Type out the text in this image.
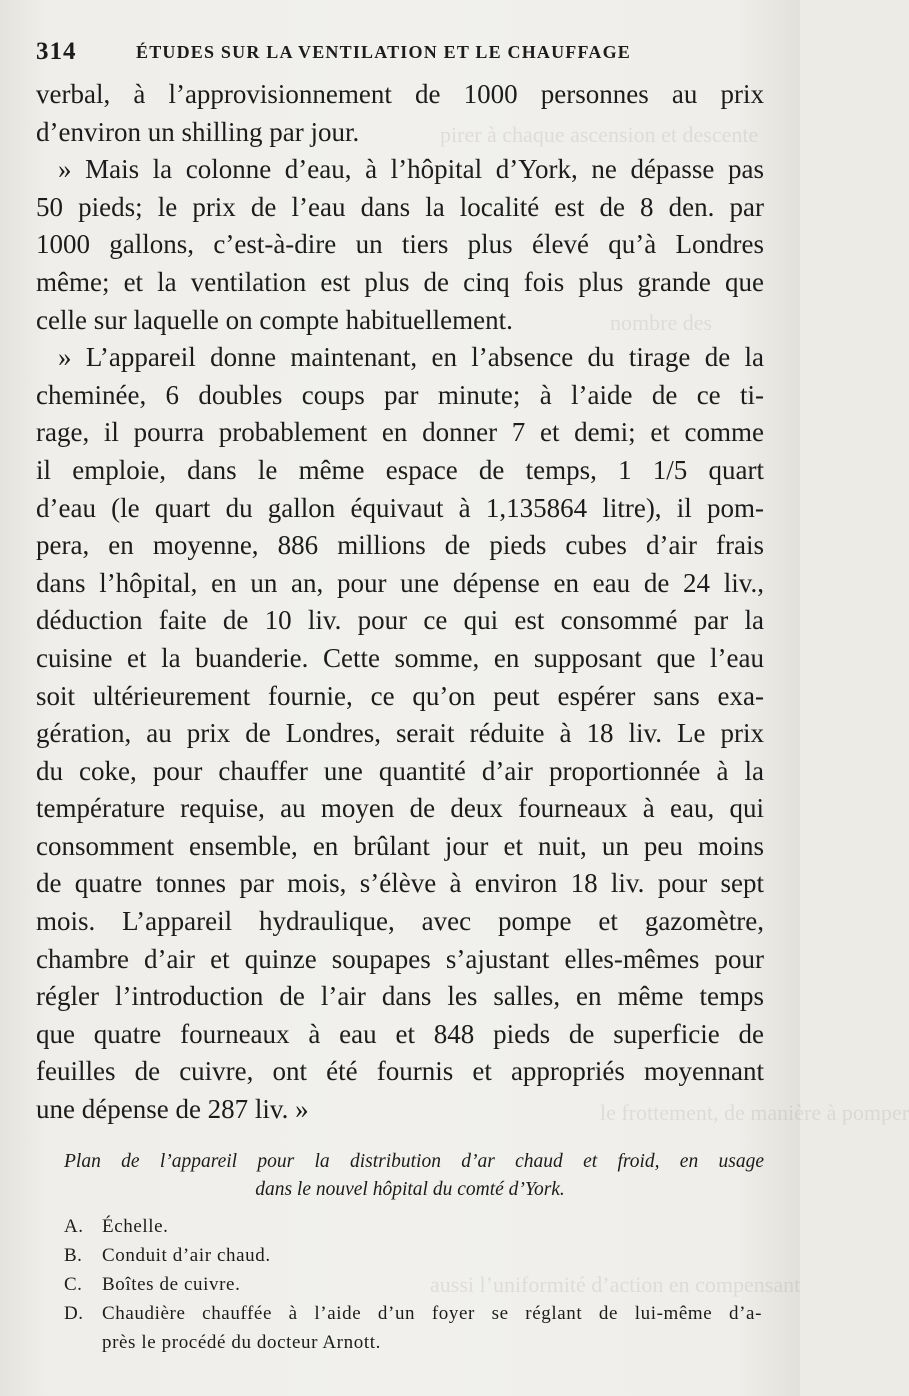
pirer à chaque ascension et descente
nombre des
le frottement, de manière à pomper
aussi l’uniformité d’action en compensant
314	ÉTUDES SUR LA VENTILATION ET LE CHAUFFAGE
verbal, à l’approvisionnement de 1000 personnes au prix
d’environ un shilling par jour.
» Mais la colonne d’eau, à l’hôpital d’York, ne dépasse pas
50 pieds; le prix de l’eau dans la localité est de 8 den. par
1000 gallons, c’est-à-dire un tiers plus élevé qu’à Londres
même; et la ventilation est plus de cinq fois plus grande que
celle sur laquelle on compte habituellement.
» L’appareil donne maintenant, en l’absence du tirage de la
cheminée, 6 doubles coups par minute; à l’aide de ce ti-
rage, il pourra probablement en donner 7 et demi; et comme
il emploie, dans le même espace de temps, 1 1/5 quart
d’eau (le quart du gallon équivaut à 1,135864 litre), il pom-
pera, en moyenne, 886 millions de pieds cubes d’air frais
dans l’hôpital, en un an, pour une dépense en eau de 24 liv.,
déduction faite de 10 liv. pour ce qui est consommé par la
cuisine et la buanderie. Cette somme, en supposant que l’eau
soit ultérieurement fournie, ce qu’on peut espérer sans exa-
gération, au prix de Londres, serait réduite à 18 liv. Le prix
du coke, pour chauffer une quantité d’air proportionnée à la
température requise, au moyen de deux fourneaux à eau, qui
consomment ensemble, en brûlant jour et nuit, un peu moins
de quatre tonnes par mois, s’élève à environ 18 liv. pour sept
mois. L’appareil hydraulique, avec pompe et gazomètre,
chambre d’air et quinze soupapes s’ajustant elles-mêmes pour
régler l’introduction de l’air dans les salles, en même temps
que quatre fourneaux à eau et 848 pieds de superficie de
feuilles de cuivre, ont été fournis et appropriés moyennant
une dépense de 287 liv. »
Plan de l’appareil pour la distribution d’ar chaud et froid, en usage
dans le nouvel hôpital du comté d’York.
A. Échelle.
B. Conduit d’air chaud.
C. Boîtes de cuivre.
D. Chaudière chauffée à l’aide d’un foyer se réglant de lui-même d’a-
près le procédé du docteur Arnott.
